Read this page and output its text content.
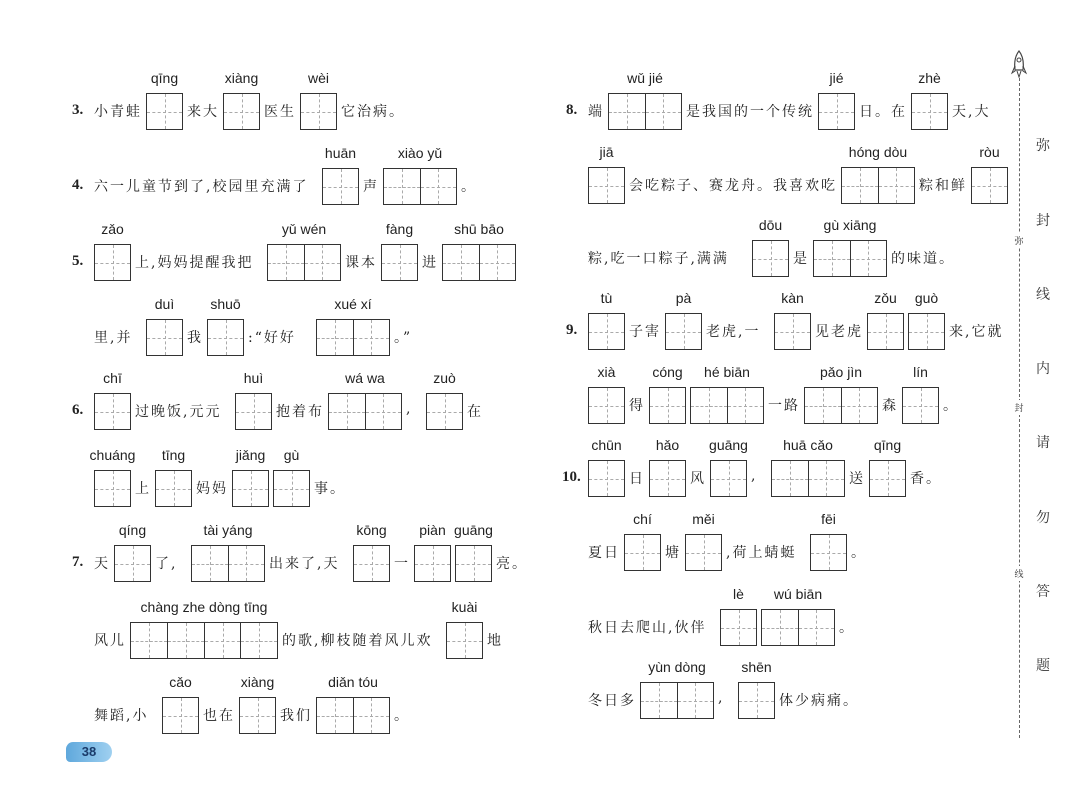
3. 小青蛙
qīng
来大
xiàng
医生
wèi
它治病。
4. 六一儿童节到了,校园里充满了
huān
声
xiào yǔ
。
5.
zǎo
上,妈妈提醒我把
yǔ wén
课本
fàng
进
shū bāo
里,并
duì
我
shuō
:“好好
xué xí
。”
6.
chī
过晚饭,元元
huì
抱着布
wá wa
,
zuò
在
chuáng
上
tīng
妈妈
jiǎng gù
事。
7. 天
qíng
了,
tài yáng
出来了,天
kōng
一
piàn guāng
亮。
风儿
chàng zhe dòng tīng
的歌,柳枝随着风儿欢
kuài
地
舞蹈,小
cǎo
也在
xiàng
我们
diǎn tóu
。
8. 端
wǔ jié
是我国的一个传统
jié
日。在
zhè
天,大
jiā
会吃粽子、赛龙舟。我喜欢吃
hóng dòu
粽和鲜
ròu
粽,吃一口粽子,满满
dōu
是
gù xiāng
的味道。
9.
tù
子害
pà
老虎,一
kàn
见老虎
zǒu guò
来,它就
xià
得
cóng hé biān
一路
pǎo jìn
森
lín
。
10.
chūn
日
hǎo
风
guāng
,
huā cǎo
送
qīng
香。
夏日
chí
塘
měi
,荷上蜻蜓
fēi
。
秋日去爬山,伙伴
lè wú biān
。
冬日多
yùn dòng
,
shēn
体少病痛。
弥
封
线
内
请
勿
答
题
弥
封
线
38
